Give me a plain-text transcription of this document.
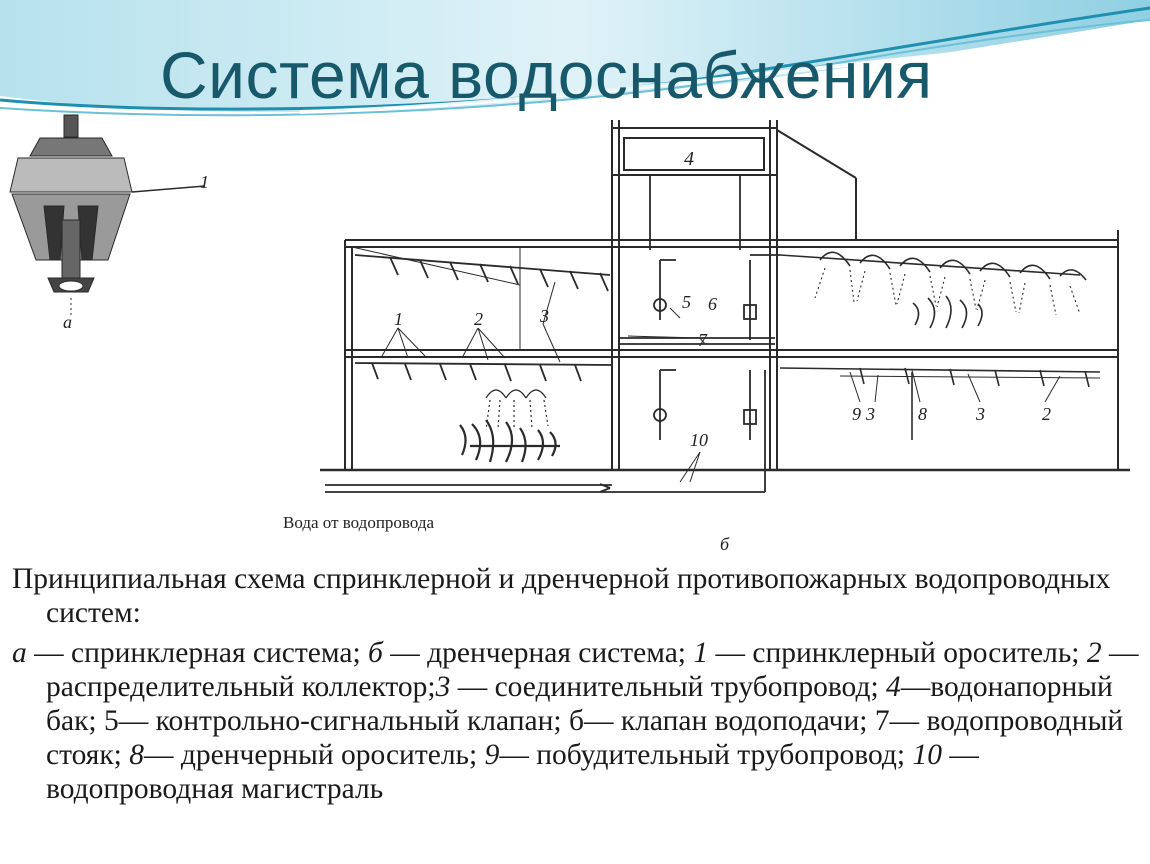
Система водоснабжения
а
1
4
1	2	3
5 6
7
10
9 3 8	3	2
б
Вода от водопровода

Принципиальная схема спринклерной и дренчерной противопожарных водопроводных систем:

а — спринклерная система; б — дренчерная система; 1 — спринклерный ороситель; 2 — распределительный коллектор;3 — соединительный трубопровод; 4—водонапорный бак; 5— контрольно-сигнальный клапан; б— клапан водоподачи; 7— водопроводный стояк; 8— дренчерный ороситель; 9— побудительный трубопровод; 10 — водопроводная магистраль
